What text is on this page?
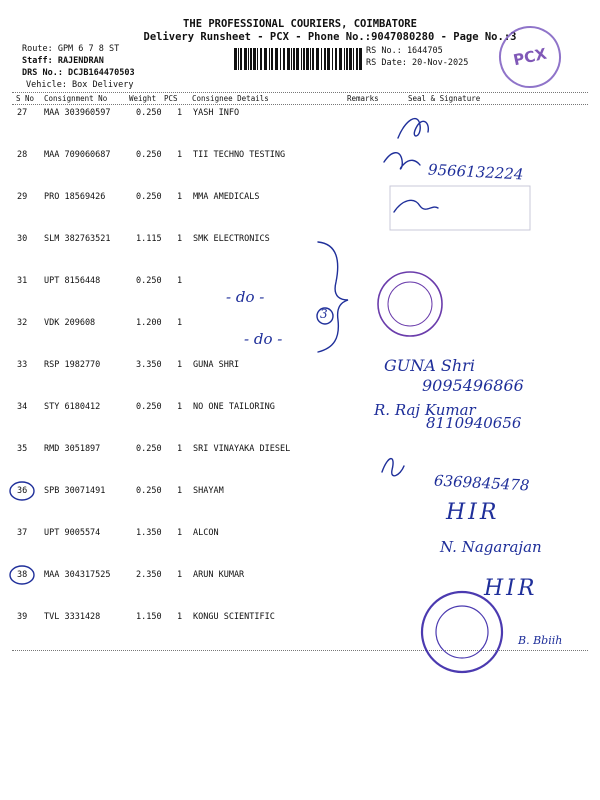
THE PROFESSIONAL COURIERS, COIMBATORE
Delivery Runsheet - PCX - Phone No.:9047080280 - Page No.:3
Route: GPM 6 7 8 ST
Staff: RAJENDRAN
DRS No.: DCJB164470503
Vehicle: Box Delivery
RS No.: 1644705
RS Date: 20-Nov-2025	PCX
S No Consignment No	Weight PCS Consignee Details	Remarks	Seal & Signature
27 MAA 303960597	0.250 1 YASH INFO
28 MAA 709060687	0.250 1 TII TECHNO TESTING
29 PRO 18569426	0.250 1 MMA AMEDICALS
30 SLM 382763521	1.115 1 SMK ELECTRONICS
31 UPT 8156448	0.250 1
32 VDK 209608	1.200 1
33 RSP 1982770	3.350 1 GUNA SHRI
34 STY 6180412	0.250 1 NO ONE TAILORING
35 RMD 3051897	0.250 1 SRI VINAYAKA DIESEL
36 SPB 30071491	0.250 1 SHAYAM
37 UPT 9005574	1.350 1 ALCON
38 MAA 304317525	2.350 1 ARUN KUMAR
39 TVL 3331428	1.150 1 KONGU SCIENTIFIC
- do -
- do -
3
9566132224
GUNA Shri
9095496866
R. Raj Kumar
8110940656
6369845478
HIR
N. Nagarajan
HIR
B. Bbiih
